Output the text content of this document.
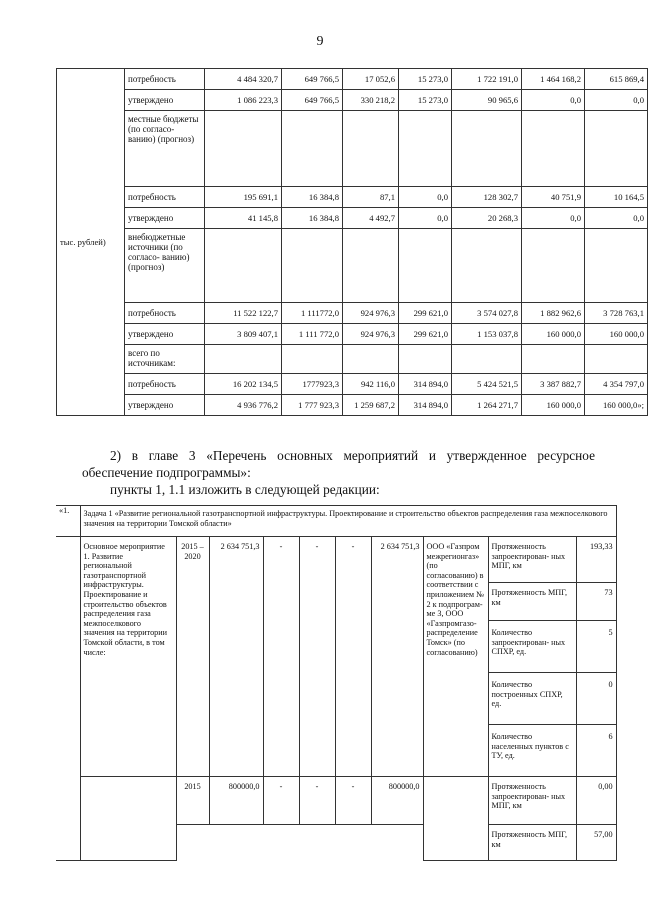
9
тыс. рублей)	потребность	4 484 320,7	649 766,5	17 052,6	15 273,0	1 722 191,0	1 464 168,2	615 869,4
	утверждено	1 086 223,3	649 766,5	330 218,2	15 273,0	90 965,6	0,0	0,0
	местные бюджеты (по согласо- ванию) (прогноз)							
	потребность	195 691,1	16 384,8	87,1	0,0	128 302,7	40 751,9	10 164,5
	утверждено	41 145,8	16 384,8	4 492,7	0,0	20 268,3	0,0	0,0
	внебюджетные источники (по согласо- ванию) (прогноз)							
	потребность	11 522 122,7	1 111772,0	924 976,3	299 621,0	3 574 027,8	1 882 962,6	3 728 763,1
	утверждено	3 809 407,1	1 111 772,0	924 976,3	299 621,0	1 153 037,8	160 000,0	160 000,0
	всего по источникам:							
	потребность	16 202 134,5	1777923,3	942 116,0	314 894,0	5 424 521,5	3 387 882,7	4 354 797,0
	утверждено	4 936 776,2	1 777 923,3	1 259 687,2	314 894,0	1 264 271,7	160 000,0	160 000,0»;
2) в главе 3 «Перечень основных мероприятий и утвержденное ресурсное
обеспечение подпрограммы»:
пункты 1, 1.1 изложить в следующей редакции:
«1.	Задача 1 «Развитие региональной газотранспортной инфраструктуры. Проектирование и строительство объектов распределения газа межпоселкового значения на территории Томской области»									
	Основное мероприятие 1. Развитие региональной газотранспортной инфраструктуры. Проектирование и строительство объектов распределения газа межпоселкового значения на территории Томской области, в том числе:	2015 – 2020	2 634 751,3	-	-	-	2 634 751,3	ООО «Газпром межрегионгаз» (по согласованию) в соответствии с приложением № 2 к подпрограм- ме 3, ООО «Газпромгазо- распределение Томск» (по согласованию)	Протяженность запроектирован- ных МПГ, км	193,33
									Протяженность МПГ, км	73
									Количество запроектирован- ных СПХР, ед.	5
									Количество построенных СПХР, ед.	0
									Количество населенных пунктов с ТУ, ед.	6
		2015	800000,0	-	-	-	800000,0		Протяженность запроектирован- ных МПГ, км	0,00
									Протяженность МПГ, км	57,00
